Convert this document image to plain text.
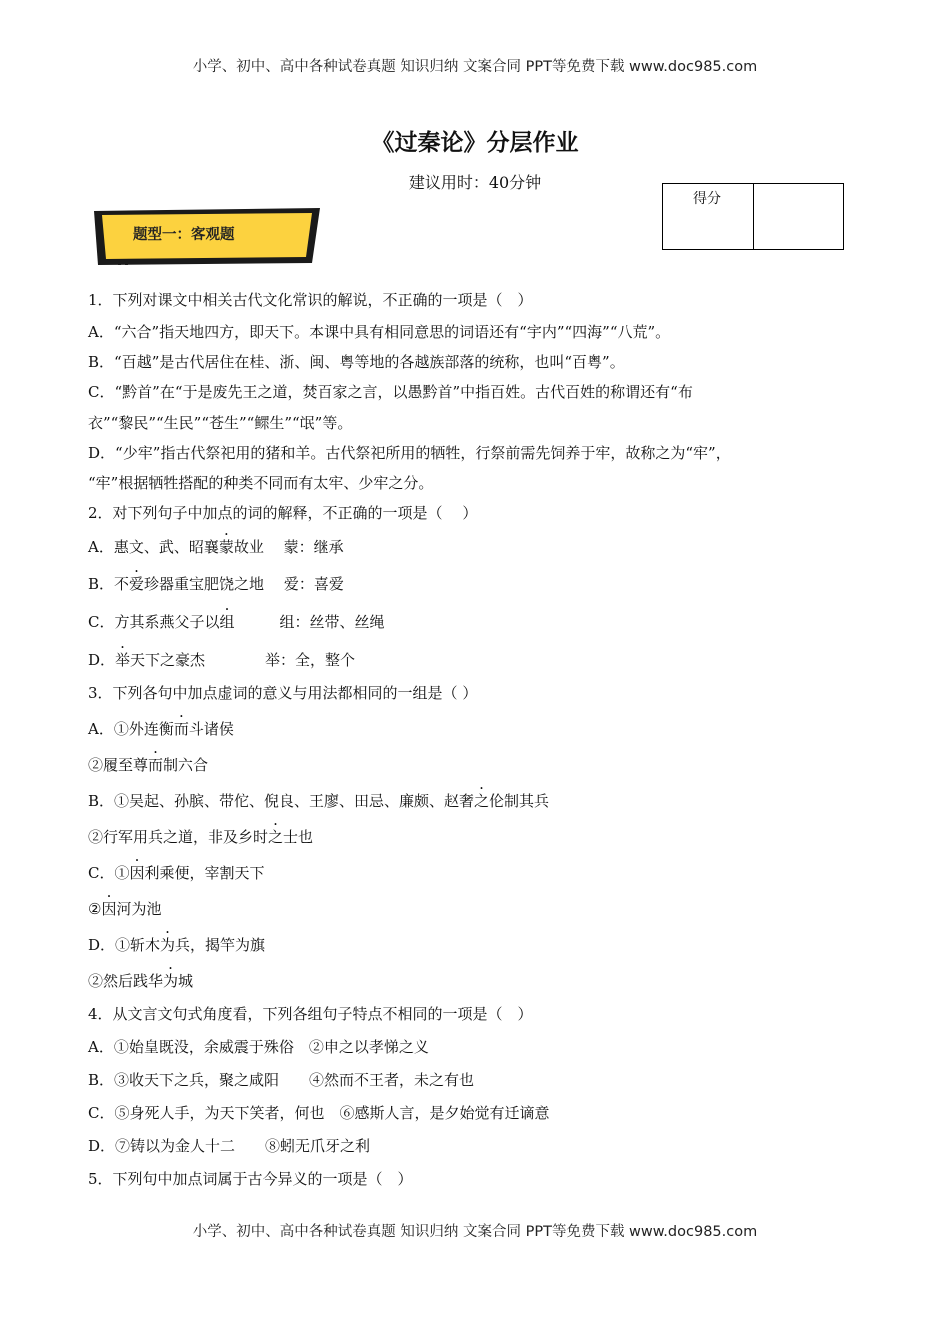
小学、初中、高中各种试卷真题 知识归纳 文案合同 PPT等免费下载 www.doc985.com
《过秦论》分层作业
建议用时：40分钟
得分
题型一：客观题
1．下列对课文中相关古代文化常识的解说，不正确的一项是（　）
A．“六合”指天地四方，即天下。本课中具有相同意思的词语还有“宇内”“四海”“八荒”。
B．“百越”是古代居住在桂、浙、闽、粤等地的各越族部落的统称，也叫“百粤”。
C．“黔首”在“于是废先王之道，焚百家之言，以愚黔首”中指百姓。古代百姓的称谓还有“布
衣”“黎民”“生民”“苍生”“鳏生”“氓”等。
D．“少牢”指古代祭祀用的猪和羊。古代祭祀所用的牺牲，行祭前需先饲养于牢，故称之为“牢”，
“牢”根据牺牲搭配的种类不同而有太牢、少牢之分。
2．对下列句子中加点的词的解释，不正确的一项是（　 ）
A．惠文、武、昭襄蒙故业　 蒙：继承
B．不爱珍器重宝肥饶之地　 爱：喜爱
C．方其系燕父子以组　　　组：丝带、丝绳
D．举天下之豪杰　　　　举：全，整个
3．下列各句中加点虚词的意义与用法都相同的一组是（ ）
A．①外连衡而斗诸侯
②履至尊而制六合
B．①吴起、孙膑、带佗、倪良、王廖、田忌、廉颇、赵奢之伦制其兵
②行军用兵之道，非及乡时之士也
C．①因利乘便，宰割天下
②因河为池
D．①斩木为兵，揭竿为旗
②然后践华为城
4．从文言文句式角度看，下列各组句子特点不相同的一项是（　）
A．①始皇既没，余威震于殊俗　②申之以孝悌之义
B．③收天下之兵，聚之咸阳　　④然而不王者，未之有也
C．⑤身死人手，为天下笑者，何也　⑥感斯人言，是夕始觉有迁谪意
D．⑦铸以为金人十二　　⑧蚓无爪牙之利
5．下列句中加点词属于古今异义的一项是（　）
小学、初中、高中各种试卷真题 知识归纳 文案合同 PPT等免费下载 www.doc985.com
